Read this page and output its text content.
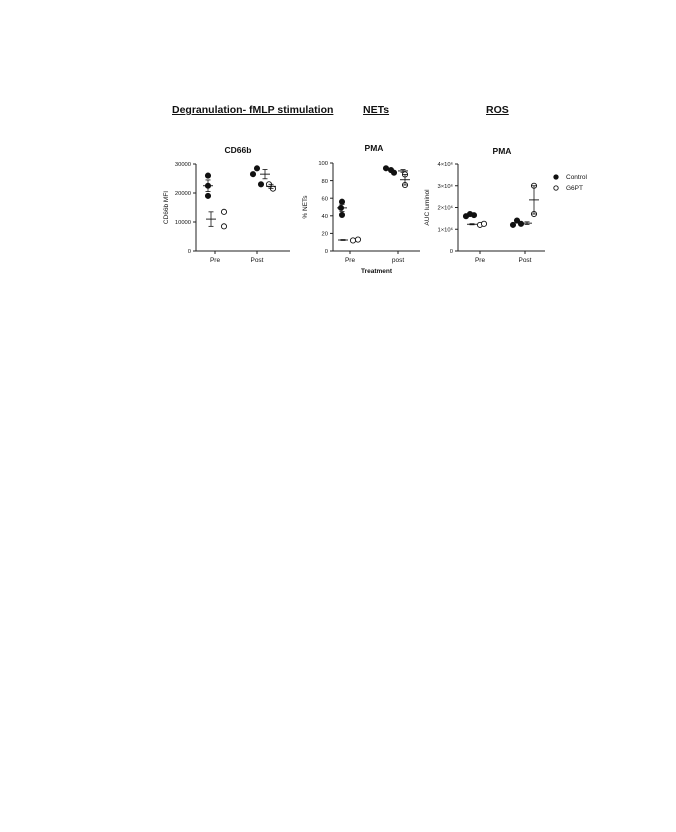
Degranulation- fMLP stimulation	NETs	ROS
CD66b
0
10000
20000
30000
Pre	Post
CD66b MFI
PMA
0
20
40
60
80
100
Pre	post
% NETs
Treatment
PMA
0
1×10⁶
2×10⁶
3×10⁶
4×10⁶
Pre	Post
AUC luminol
Control
G6PT
